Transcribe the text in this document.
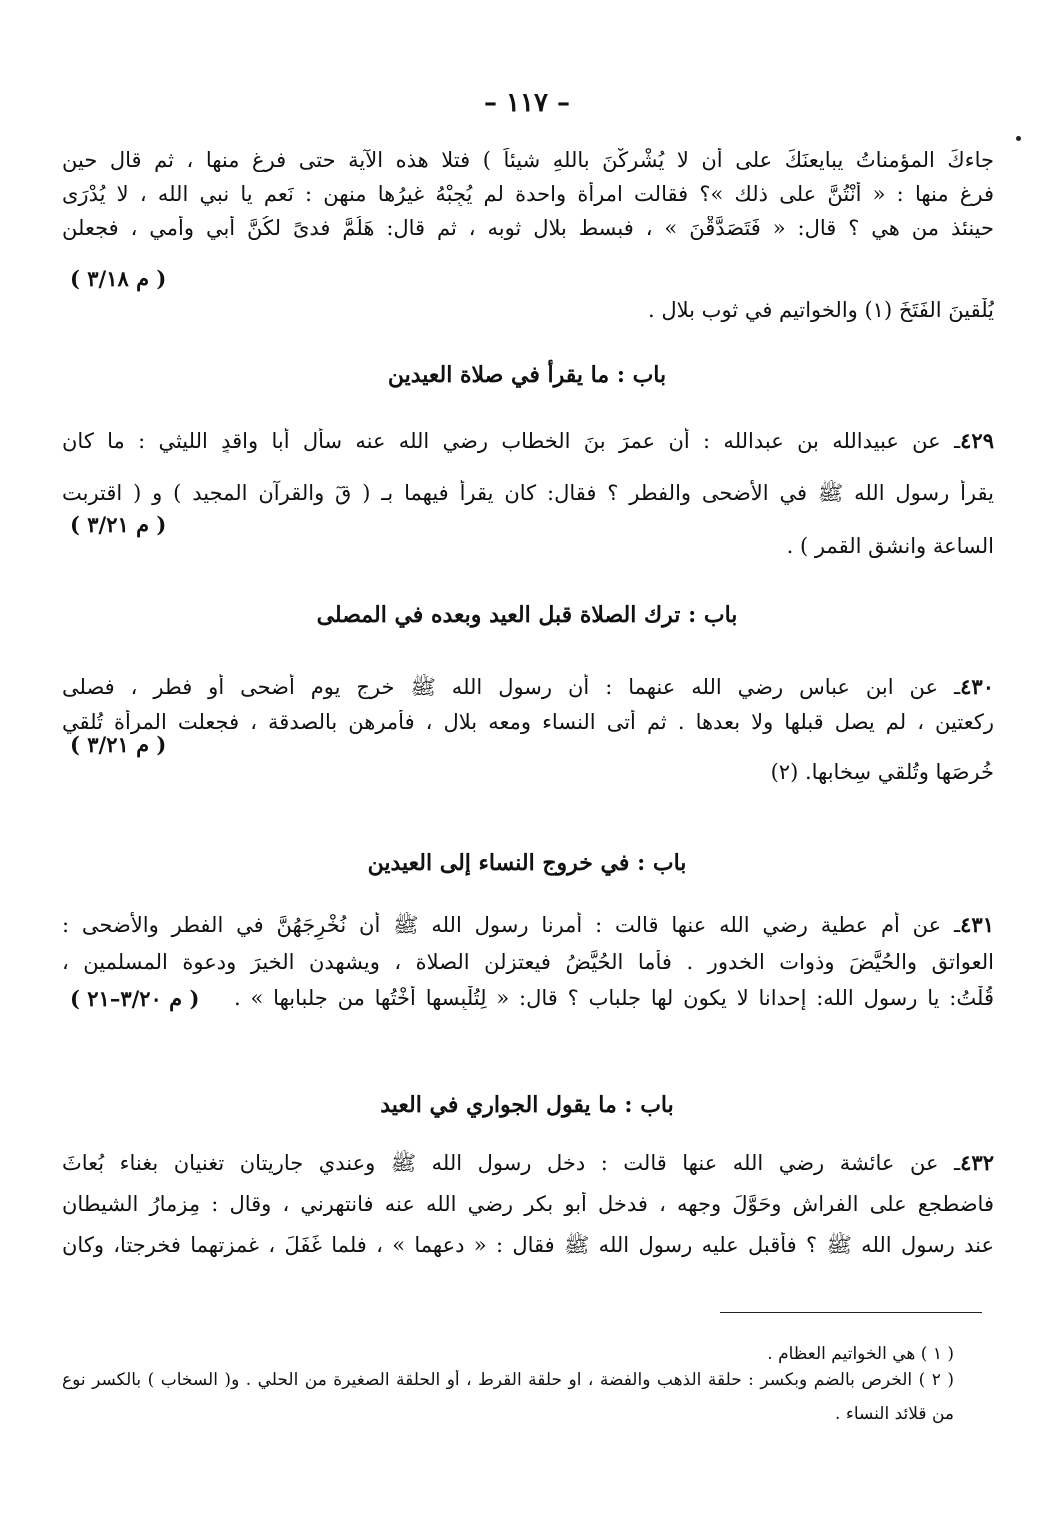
– ١١٧ –
جاءكَ المؤمناتُ يبايعنَكَ على أن لا يُشْركْنَ باللهِ شيئاً ) فتلا هذه الآية حتى فرغ منها ، ثم قال حين
فرغ منها : « أَنْتُنَّ على ذلك »؟ فقالت امرأة واحدة لم يُجِبْهُ غيرُها منهن : نَعم يا نبي الله ، لا يُدْرَى
حينئذ من هي ؟ قال: « فَتَصَدَّقْنَ » ، فبسط بلال ثوبه ، ثم قال: هَلُمَّ فدىً لكُنَّ أبي وأمي ، فجعلن
( م ٣/١٨ )
يُلْقينَ الفَتَخَ (١) والخواتيم في ثوب بلال .
باب : ما يقرأ في صلاة العيدين
٤٢٩ـ عن عبيدالله بن عبدالله : أن عمرَ بنَ الخطاب رضي الله عنه سأل أبا واقدٍ الليثي : ما كان
يقرأ رسول الله ﷺ في الأضحى والفطر ؟ فقال: كان يقرأ فيهما بـ ( قٓ والقرآن المجيد ) و ( اقتربت
( م ٣/٢١ )
الساعة وانشق القمر ) .
باب : ترك الصلاة قبل العيد وبعده في المصلى
٤٣٠ـ عن ابن عباس رضي الله عنهما : أن رسول الله ﷺ خرج يوم أضحى أو فطر ، فصلى
ركعتين ، لم يصل قبلها ولا بعدها . ثم أتى النساء ومعه بلال ، فأمرهن بالصدقة ، فجعلت المرأة تُلقي
( م ٣/٢١ )
خُرصَها وتُلقي سِخابها. (٢)
باب : في خروج النساء إلى العيدين
٤٣١ـ عن أم عطية رضي الله عنها قالت : أمرنا رسول الله ﷺ أن نُخْرِجَهُنَّ في الفطر والأضحى :
العواتق والحُيَّضَ وذوات الخدور . فأما الحُيَّضُ فيعتزلن الصلاة ، ويشهدن الخيرَ ودعوة المسلمين ،
قُلْتُ: يا رسول الله: إحدانا لا يكون لها جلباب ؟ قال: « لِتُلْبِسها أُخْتُها من جلبابها » .
( م ٣/٢٠–٢١ )
باب : ما يقول الجواري في العيد
٤٣٢ـ عن عائشة رضي الله عنها قالت : دخل رسول الله ﷺ وعندي جاريتان تغنيان بغناء بُعاثَ
فاضطجع على الفراش وحَوَّلَ وجهه ، فدخل أبو بكر رضي الله عنه فانتهرني ، وقال : مِزمارُ الشيطان
عند رسول الله ﷺ ؟ فأقبل عليه رسول الله ﷺ فقال : « دعهما » ، فلما غَفَلَ ، غمزتهما فخرجتا، وكان
( ١ ) هي الخواتيم العظام .
( ٢ ) الخرص بالضم وبكسر : حلقة الذهب والفضة ، او حلقة القرط ، أو الحلقة الصغيرة من الحلي . و( السخاب ) بالكسر نوع
من قلائد النساء .
